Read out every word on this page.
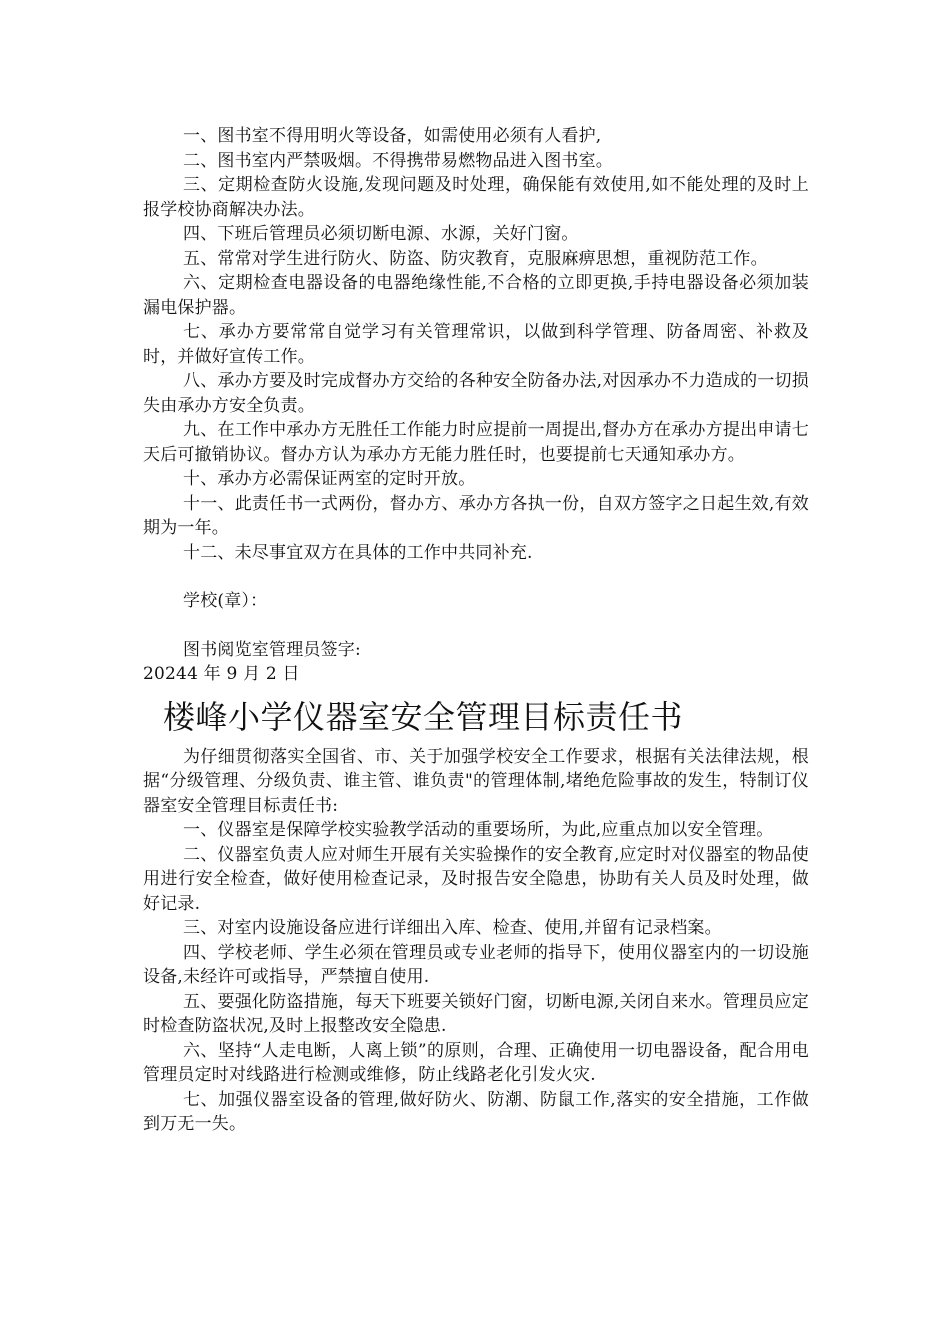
一、图书室不得用明火等设备，如需使用必须有人看护,

二、图书室内严禁吸烟。不得携带易燃物品进入图书室。

三、定期检查防火设施,发现问题及时处理，确保能有效使用,如不能处理的及时上报学校协商解决办法。

四、下班后管理员必须切断电源、水源，关好门窗。

五、常常对学生进行防火、防盗、防灾教育，克服麻痹思想，重视防范工作。

六、定期检查电器设备的电器绝缘性能,不合格的立即更换,手持电器设备必须加装漏电保护器。

七、承办方要常常自觉学习有关管理常识，以做到科学管理、防备周密、补救及时，并做好宣传工作。

八、承办方要及时完成督办方交给的各种安全防备办法,对因承办不力造成的一切损失由承办方安全负责。

九、在工作中承办方无胜任工作能力时应提前一周提出,督办方在承办方提出申请七天后可撤销协议。督办方认为承办方无能力胜任时，也要提前七天通知承办方。

十、承办方必需保证两室的定时开放。

十一、此责任书一式两份，督办方、承办方各执一份，自双方签字之日起生效,有效期为一年。

十二、未尽事宜双方在具体的工作中共同补充.

学校(章）：

图书阅览室管理员签字:

20244 年 9 月 2 日

楼峰小学仪器室安全管理目标责任书

为仔细贯彻落实全国省、市、关于加强学校安全工作要求，根据有关法律法规，根据“分级管理、分级负责、谁主管、谁负责"的管理体制,堵绝危险事故的发生，特制订仪器室安全管理目标责任书:

一、仪器室是保障学校实验教学活动的重要场所，为此,应重点加以安全管理。

二、仪器室负责人应对师生开展有关实验操作的安全教育,应定时对仪器室的物品使用进行安全检查，做好使用检查记录，及时报告安全隐患，协助有关人员及时处理，做好记录.

三、对室内设施设备应进行详细出入库、检查、使用,并留有记录档案。

四、学校老师、学生必须在管理员或专业老师的指导下，使用仪器室内的一切设施设备,未经许可或指导，严禁擅自使用.

五、要强化防盗措施，每天下班要关锁好门窗，切断电源,关闭自来水。管理员应定时检查防盗状况,及时上报整改安全隐患.

六、坚持“人走电断，人离上锁”的原则，合理、正确使用一切电器设备，配合用电管理员定时对线路进行检测或维修，防止线路老化引发火灾.

七、加强仪器室设备的管理,做好防火、防潮、防鼠工作,落实的安全措施，工作做到万无一失。
